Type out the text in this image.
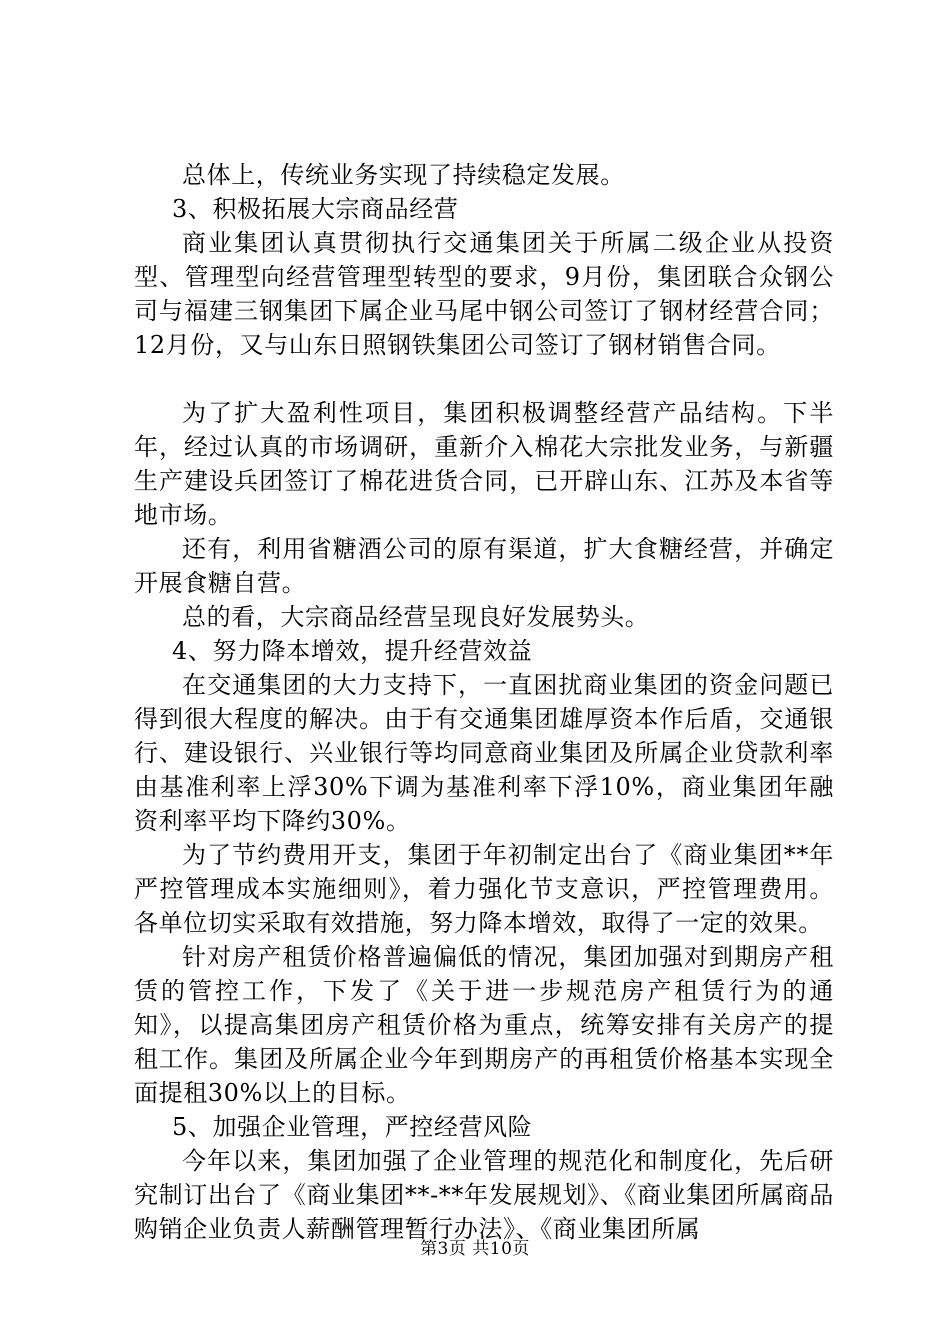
总体上，传统业务实现了持续稳定发展。

3、积极拓展大宗商品经营

商业集团认真贯彻执行交通集团关于所属二级企业从投资型、管理型向经营管理型转型的要求，9月份，集团联合众钢公司与福建三钢集团下属企业马尾中钢公司签订了钢材经营合同；12月份，又与山东日照钢铁集团公司签订了钢材销售合同。

为了扩大盈利性项目，集团积极调整经营产品结构。下半年，经过认真的市场调研，重新介入棉花大宗批发业务，与新疆生产建设兵团签订了棉花进货合同，已开辟山东、江苏及本省等地市场。

还有，利用省糖酒公司的原有渠道，扩大食糖经营，并确定开展食糖自营。

总的看，大宗商品经营呈现良好发展势头。

4、努力降本增效，提升经营效益

在交通集团的大力支持下，一直困扰商业集团的资金问题已得到很大程度的解决。由于有交通集团雄厚资本作后盾，交通银行、建设银行、兴业银行等均同意商业集团及所属企业贷款利率由基准利率上浮30%下调为基准利率下浮10%，商业集团年融资利率平均下降约30%。

为了节约费用开支，集团于年初制定出台了《商业集团**年严控管理成本实施细则》，着力强化节支意识，严控管理费用。各单位切实采取有效措施，努力降本增效，取得了一定的效果。

针对房产租赁价格普遍偏低的情况，集团加强对到期房产租赁的管控工作，下发了《关于进一步规范房产租赁行为的通知》，以提高集团房产租赁价格为重点，统筹安排有关房产的提租工作。集团及所属企业今年到期房产的再租赁价格基本实现全面提租30%以上的目标。

5、加强企业管理，严控经营风险

今年以来，集团加强了企业管理的规范化和制度化，先后研究制订出台了《商业集团**-**年发展规划》、《商业集团所属商品购销企业负责人薪酬管理暂行办法》、《商业集团所属

第3页 共10页
